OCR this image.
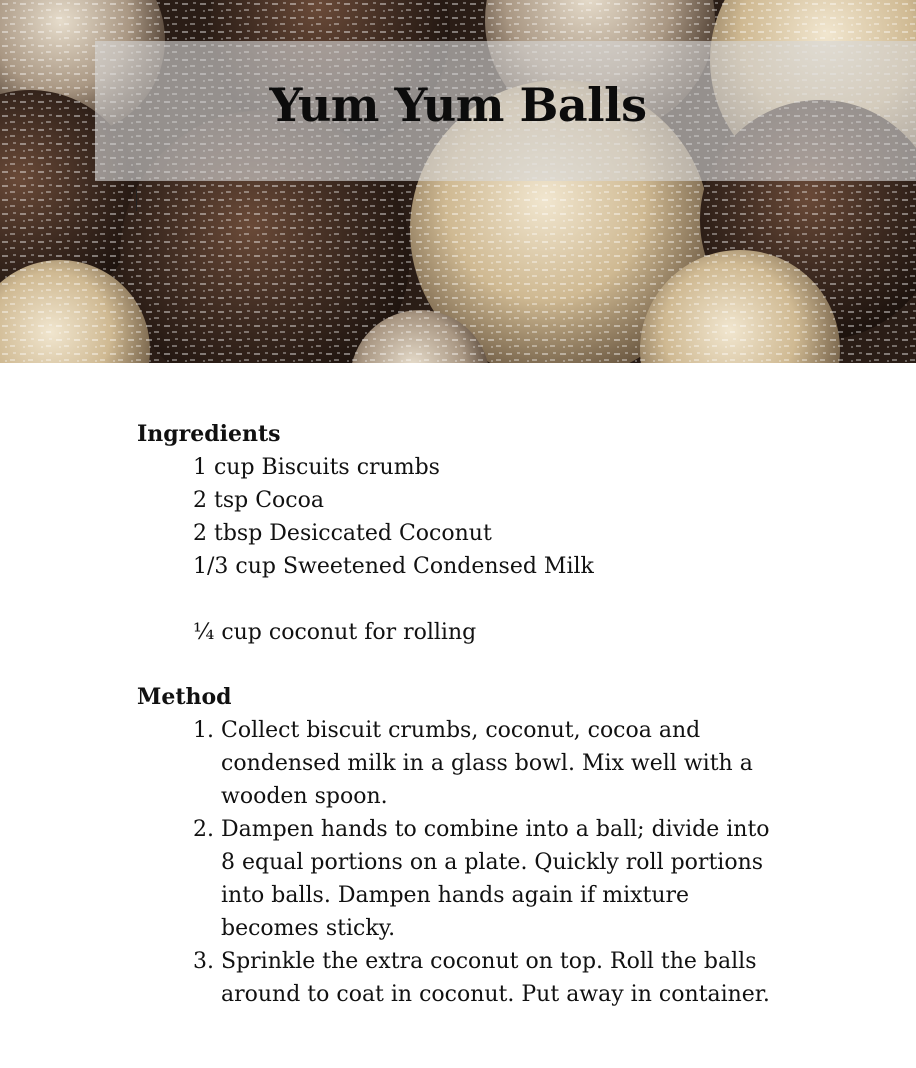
Yum Yum Balls

Ingredients

1 cup Biscuits crumbs
2 tsp Cocoa
2 tbsp Desiccated Coconut
1/3 cup Sweetened Condensed Milk

¼ cup coconut for rolling

Method

1. Collect biscuit crumbs, coconut, cocoa and condensed milk in a glass bowl. Mix well with a wooden spoon.
2. Dampen hands to combine into a ball; divide into 8 equal portions on a plate. Quickly roll portions into balls. Dampen hands again if mixture becomes sticky.
3. Sprinkle the extra coconut on top. Roll the balls around to coat in coconut. Put away in container.
